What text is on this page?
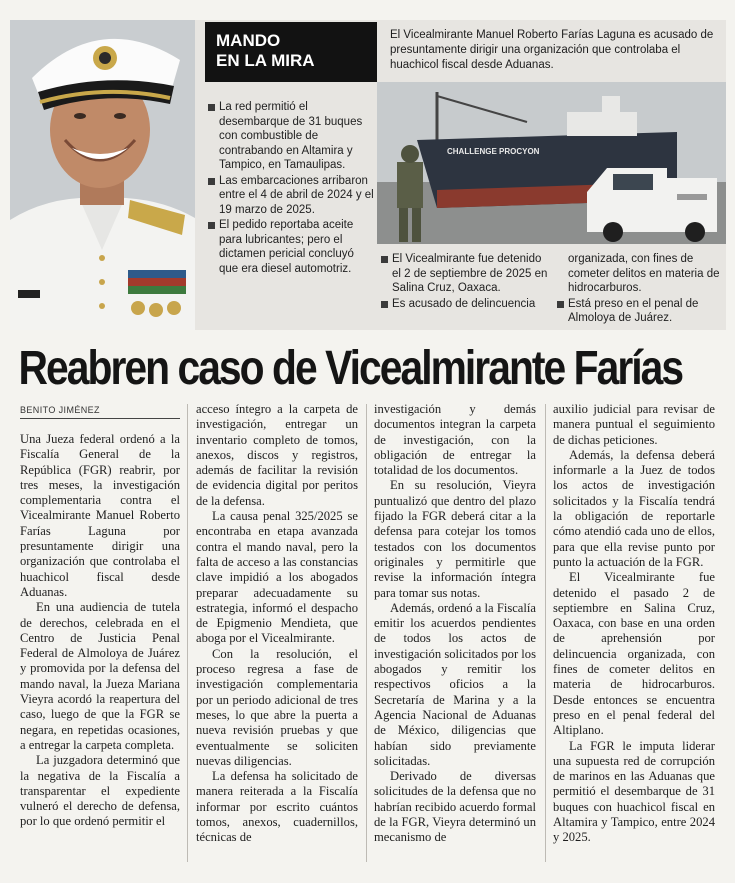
MANDO
EN LA MIRA
El Vicealmirante Manuel Roberto Farías Laguna es acusado de presuntamente dirigir una organización que controlaba el huachicol fiscal desde Aduanas.
CHALLENGE PROCYON
La red permitió el desembarque de 31 buques con combustible de contrabando en Altamira y Tampico, en Tamaulipas.
Las embarcaciones arribaron entre el 4 de abril de 2024 y el 19 marzo de 2025.
El pedido reportaba aceite para lubricantes; pero el dictamen pericial concluyó que era diesel automotriz.
El Vicealmirante fue detenido el 2 de septiembre de 2025 en Salina Cruz, Oaxaca.
Es acusado de delincuencia
organizada, con fines de cometer delitos en materia de hidrocarburos.
Está preso en el penal de Almoloya de Juárez.
Reabren caso de Vicealmirante Farías
BENITO JIMÉNEZ

Una Jueza federal ordenó a la Fiscalía General de la República (FGR) reabrir, por tres meses, la investigación complementaria contra el Vicealmirante Manuel Roberto Farías Laguna por presuntamente dirigir una organización que controlaba el huachicol fiscal desde Aduanas.

En una audiencia de tutela de derechos, celebrada en el Centro de Justicia Penal Federal de Almoloya de Juárez y promovida por la defensa del mando naval, la Jueza Mariana Vieyra acordó la reapertura del caso, luego de que la FGR se negara, en repetidas ocasiones, a entregar la carpeta completa.

La juzgadora determinó que la negativa de la Fiscalía a transparentar el expediente vulneró el derecho de defensa, por lo que ordenó permitir el

acceso íntegro a la carpeta de investigación, entregar un inventario completo de tomos, anexos, discos y registros, además de facilitar la revisión de evidencia digital por peritos de la defensa.

La causa penal 325/2025 se encontraba en etapa avanzada contra el mando naval, pero la falta de acceso a las constancias clave impidió a los abogados preparar adecuadamente su estrategia, informó el despacho de Epigmenio Mendieta, que aboga por el Vicealmirante.

Con la resolución, el proceso regresa a fase de investigación complementaria por un periodo adicional de tres meses, lo que abre la puerta a nueva revisión pruebas y que eventualmente se soliciten nuevas diligencias.

La defensa ha solicitado de manera reiterada a la Fiscalía informar por escrito cuántos tomos, anexos, cuadernillos, técnicas de

investigación y demás documentos integran la carpeta de investigación, con la obligación de entregar la totalidad de los documentos.

En su resolución, Vieyra puntualizó que dentro del plazo fijado la FGR deberá citar a la defensa para cotejar los tomos testados con los documentos originales y permitirle que revise la información íntegra para tomar sus notas.

Además, ordenó a la Fiscalía emitir los acuerdos pendientes de todos los actos de investigación solicitados por los abogados y remitir los respectivos oficios a la Secretaría de Marina y a la Agencia Nacional de Aduanas de México, diligencias que habían sido previamente solicitadas.

Derivado de diversas solicitudes de la defensa que no habrían recibido acuerdo formal de la FGR, Vieyra determinó un mecanismo de

auxilio judicial para revisar de manera puntual el seguimiento de dichas peticiones.

Además, la defensa deberá informarle a la Juez de todos los actos de investigación solicitados y la Fiscalía tendrá la obligación de reportarle cómo atendió cada uno de ellos, para que ella revise punto por punto la actuación de la FGR.

El Vicealmirante fue detenido el pasado 2 de septiembre en Salina Cruz, Oaxaca, con base en una orden de aprehensión por delincuencia organizada, con fines de cometer delitos en materia de hidrocarburos. Desde entonces se encuentra preso en el penal federal del Altiplano.

La FGR le imputa liderar una supuesta red de corrupción de marinos en las Aduanas que permitió el desembarque de 31 buques con huachicol fiscal en Altamira y Tampico, entre 2024 y 2025.
